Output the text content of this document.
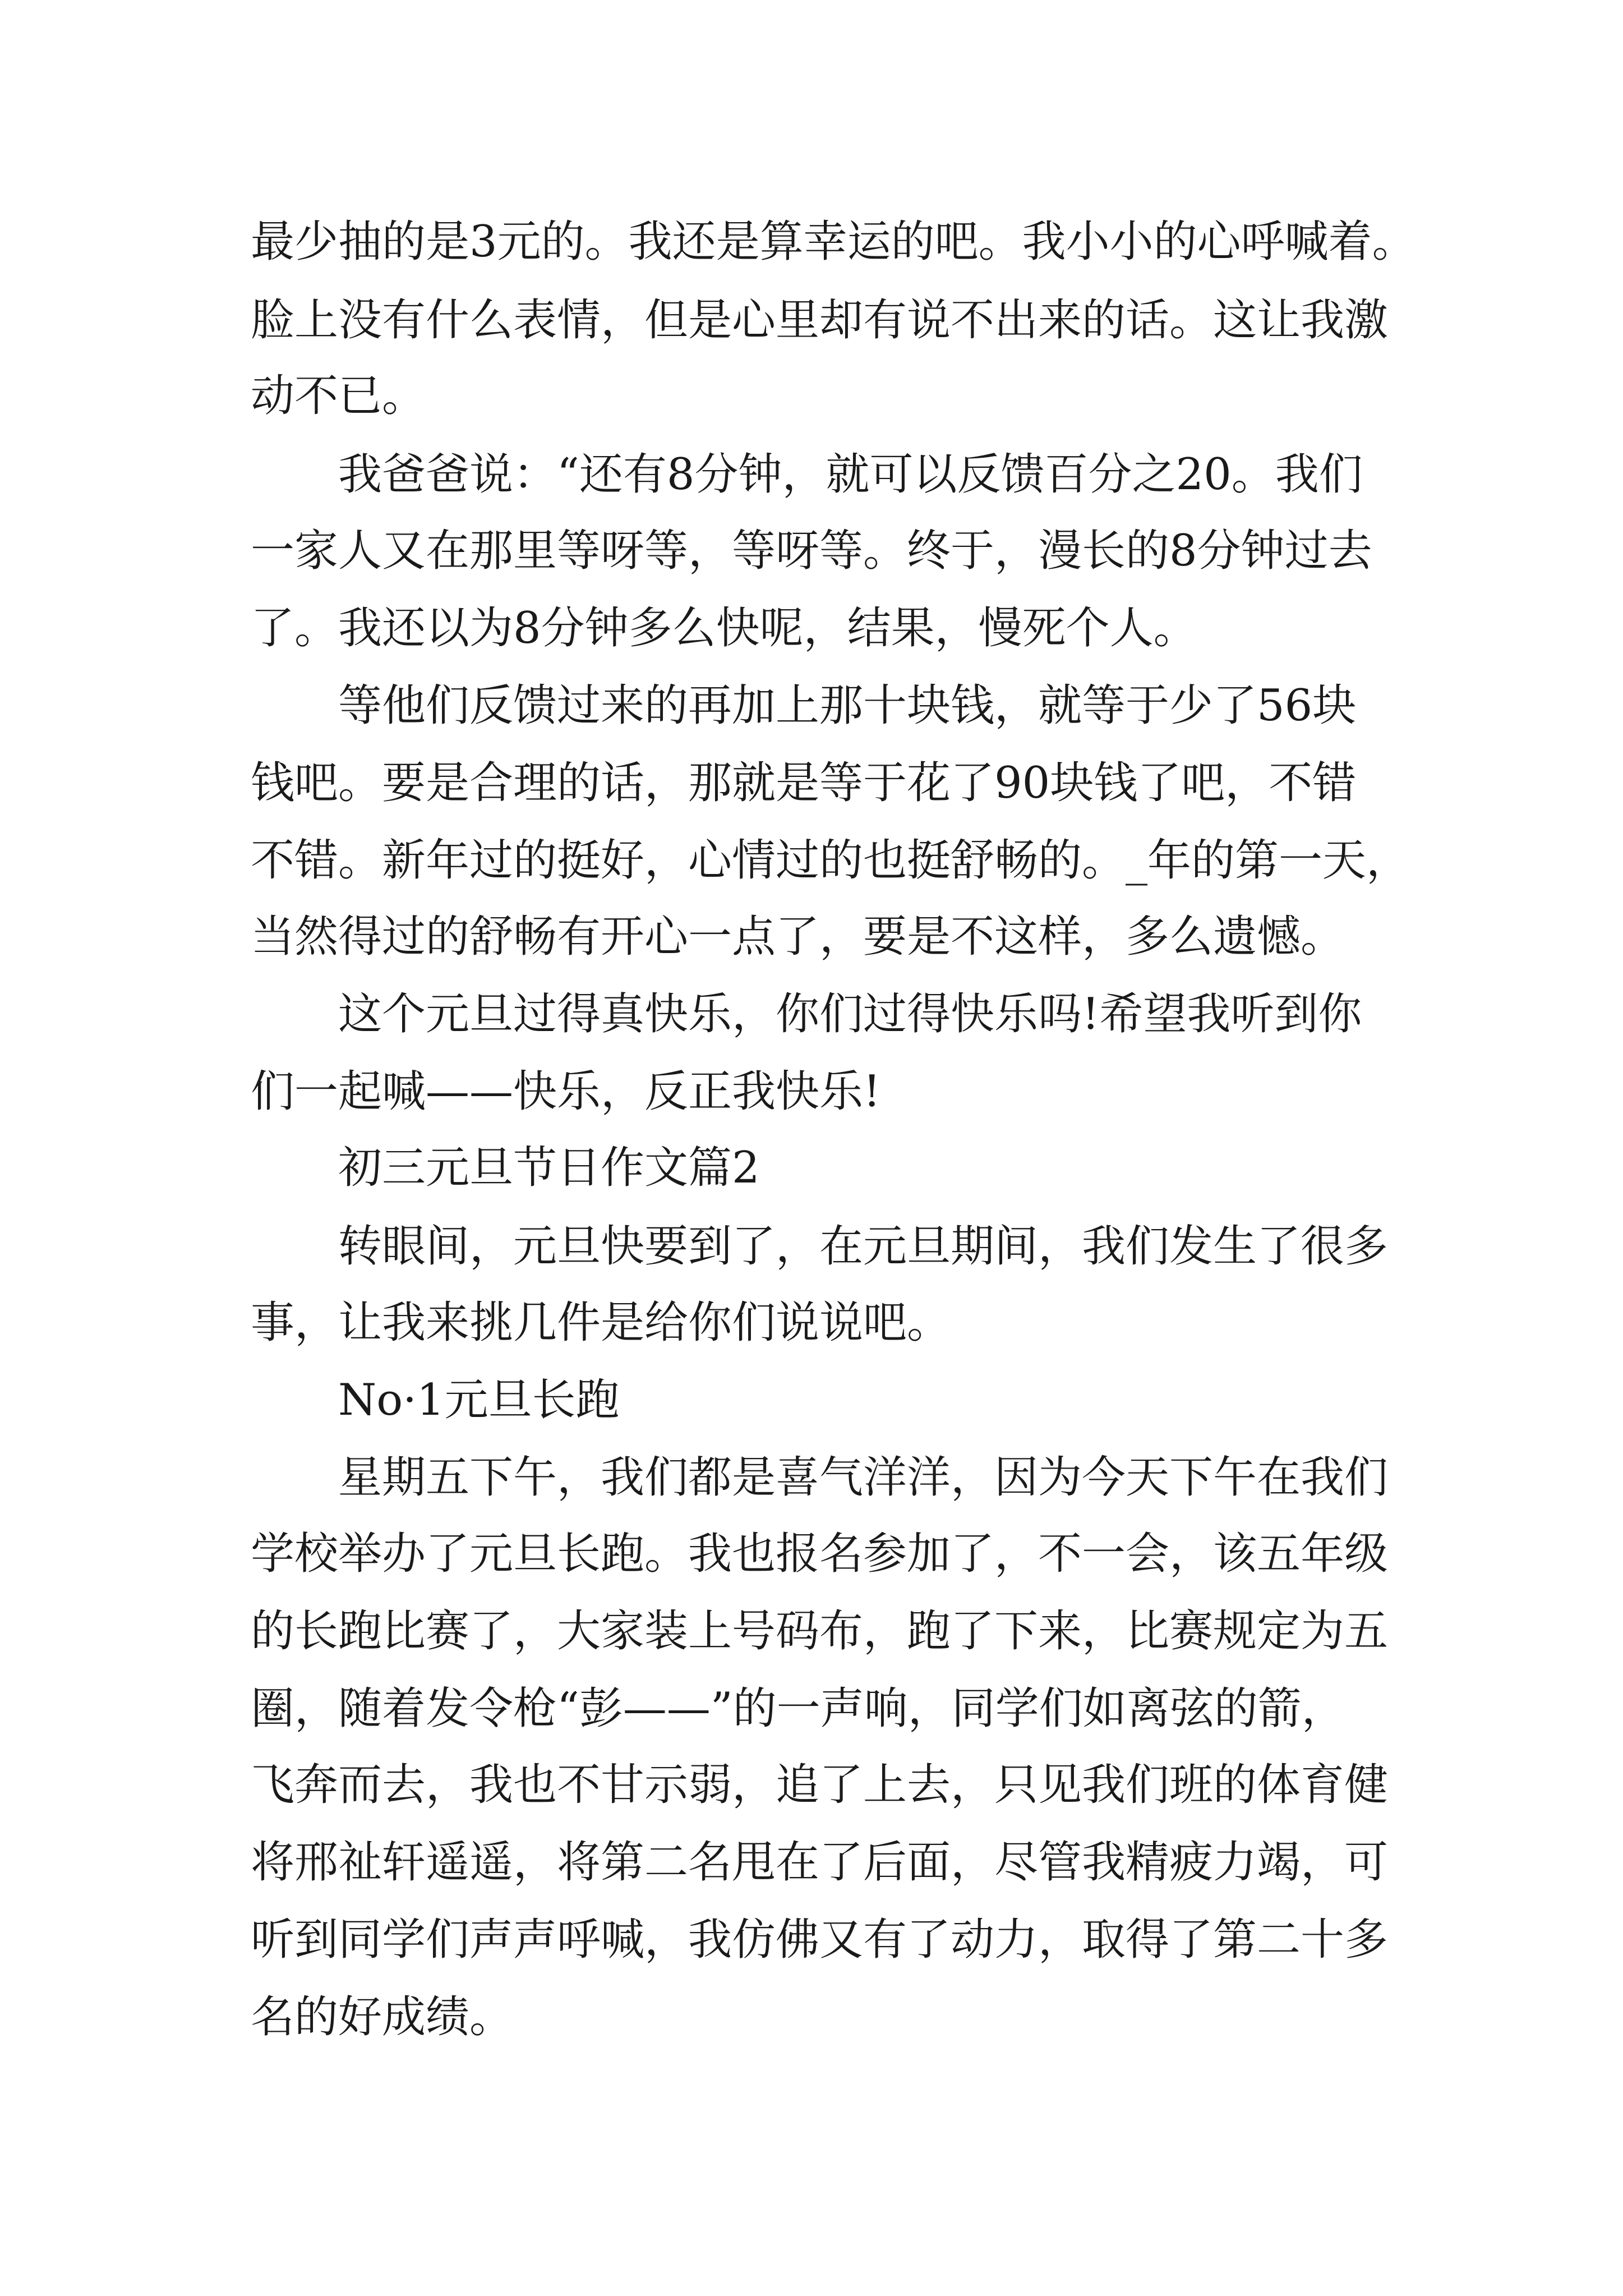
最少抽的是3元的。我还是算幸运的吧。我小小的心呼喊着。
脸上没有什么表情，但是心里却有说不出来的话。这让我激
动不已。
我爸爸说：“还有8分钟，就可以反馈百分之20。我们
一家人又在那里等呀等，等呀等。终于，漫长的8分钟过去
了。我还以为8分钟多么快呢，结果，慢死个人。
等他们反馈过来的再加上那十块钱，就等于少了56块
钱吧。要是合理的话，那就是等于花了90块钱了吧，不错
不错。新年过的挺好，心情过的也挺舒畅的。_年的第一天，
当然得过的舒畅有开心一点了，要是不这样，多么遗憾。
这个元旦过得真快乐，你们过得快乐吗!希望我听到你
们一起喊——快乐，反正我快乐!
初三元旦节日作文篇2
转眼间，元旦快要到了，在元旦期间，我们发生了很多
事，让我来挑几件是给你们说说吧。
No·1元旦长跑
星期五下午，我们都是喜气洋洋，因为今天下午在我们
学校举办了元旦长跑。我也报名参加了，不一会，该五年级
的长跑比赛了，大家装上号码布，跑了下来，比赛规定为五
圈，随着发令枪“彭——”的一声响，同学们如离弦的箭，
飞奔而去，我也不甘示弱，追了上去，只见我们班的体育健
将邢祉轩遥遥，将第二名甩在了后面，尽管我精疲力竭，可
听到同学们声声呼喊，我仿佛又有了动力，取得了第二十多
名的好成绩。
